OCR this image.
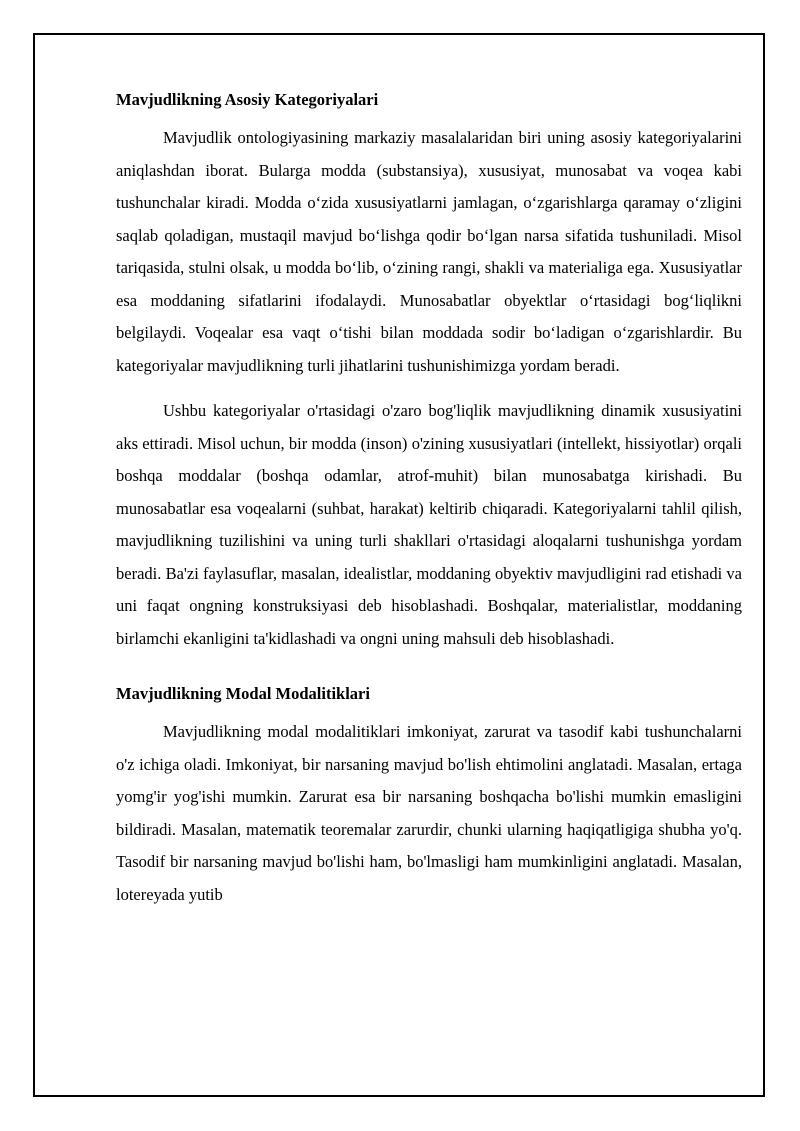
Mavjudlikning Asosiy Kategoriyalari

Mavjudlik ontologiyasining markaziy masalalaridan biri uning asosiy kategoriyalarini aniqlashdan iborat. Bularga modda (substansiya), xususiyat, munosabat va voqea kabi tushunchalar kiradi. Modda o‘zida xususiyatlarni jamlagan, o‘zgarishlarga qaramay o‘zligini saqlab qoladigan, mustaqil mavjud bo‘lishga qodir bo‘lgan narsa sifatida tushuniladi. Misol tariqasida, stulni olsak, u modda bo‘lib, o‘zining rangi, shakli va materialiga ega. Xususiyatlar esa moddaning sifatlarini ifodalaydi. Munosabatlar obyektlar o‘rtasidagi bog‘liqlikni belgilaydi. Voqealar esa vaqt o‘tishi bilan moddada sodir bo‘ladigan o‘zgarishlardir. Bu kategoriyalar mavjudlikning turli jihatlarini tushunishimizga yordam beradi.

Ushbu kategoriyalar o'rtasidagi o'zaro bog'liqlik mavjudlikning dinamik xususiyatini aks ettiradi. Misol uchun, bir modda (inson) o'zining xususiyatlari (intellekt, hissiyotlar) orqali boshqa moddalar (boshqa odamlar, atrof-muhit) bilan munosabatga kirishadi. Bu munosabatlar esa voqealarni (suhbat, harakat) keltirib chiqaradi. Kategoriyalarni tahlil qilish, mavjudlikning tuzilishini va uning turli shakllari o'rtasidagi aloqalarni tushunishga yordam beradi. Ba'zi faylasuflar, masalan, idealistlar, moddaning obyektiv mavjudligini rad etishadi va uni faqat ongning konstruksiyasi deb hisoblashadi. Boshqalar, materialistlar, moddaning birlamchi ekanligini ta'kidlashadi va ongni uning mahsuli deb hisoblashadi.

Mavjudlikning Modal Modalitiklari

Mavjudlikning modal modalitiklari imkoniyat, zarurat va tasodif kabi tushunchalarni o'z ichiga oladi. Imkoniyat, bir narsaning mavjud bo'lish ehtimolini anglatadi. Masalan, ertaga yomg'ir yog'ishi mumkin. Zarurat esa bir narsaning boshqacha bo'lishi mumkin emasligini bildiradi. Masalan, matematik teoremalar zarurdir, chunki ularning haqiqatligiga shubha yo'q. Tasodif bir narsaning mavjud bo'lishi ham, bo'lmasligi ham mumkinligini anglatadi. Masalan, lotereyada yutib
